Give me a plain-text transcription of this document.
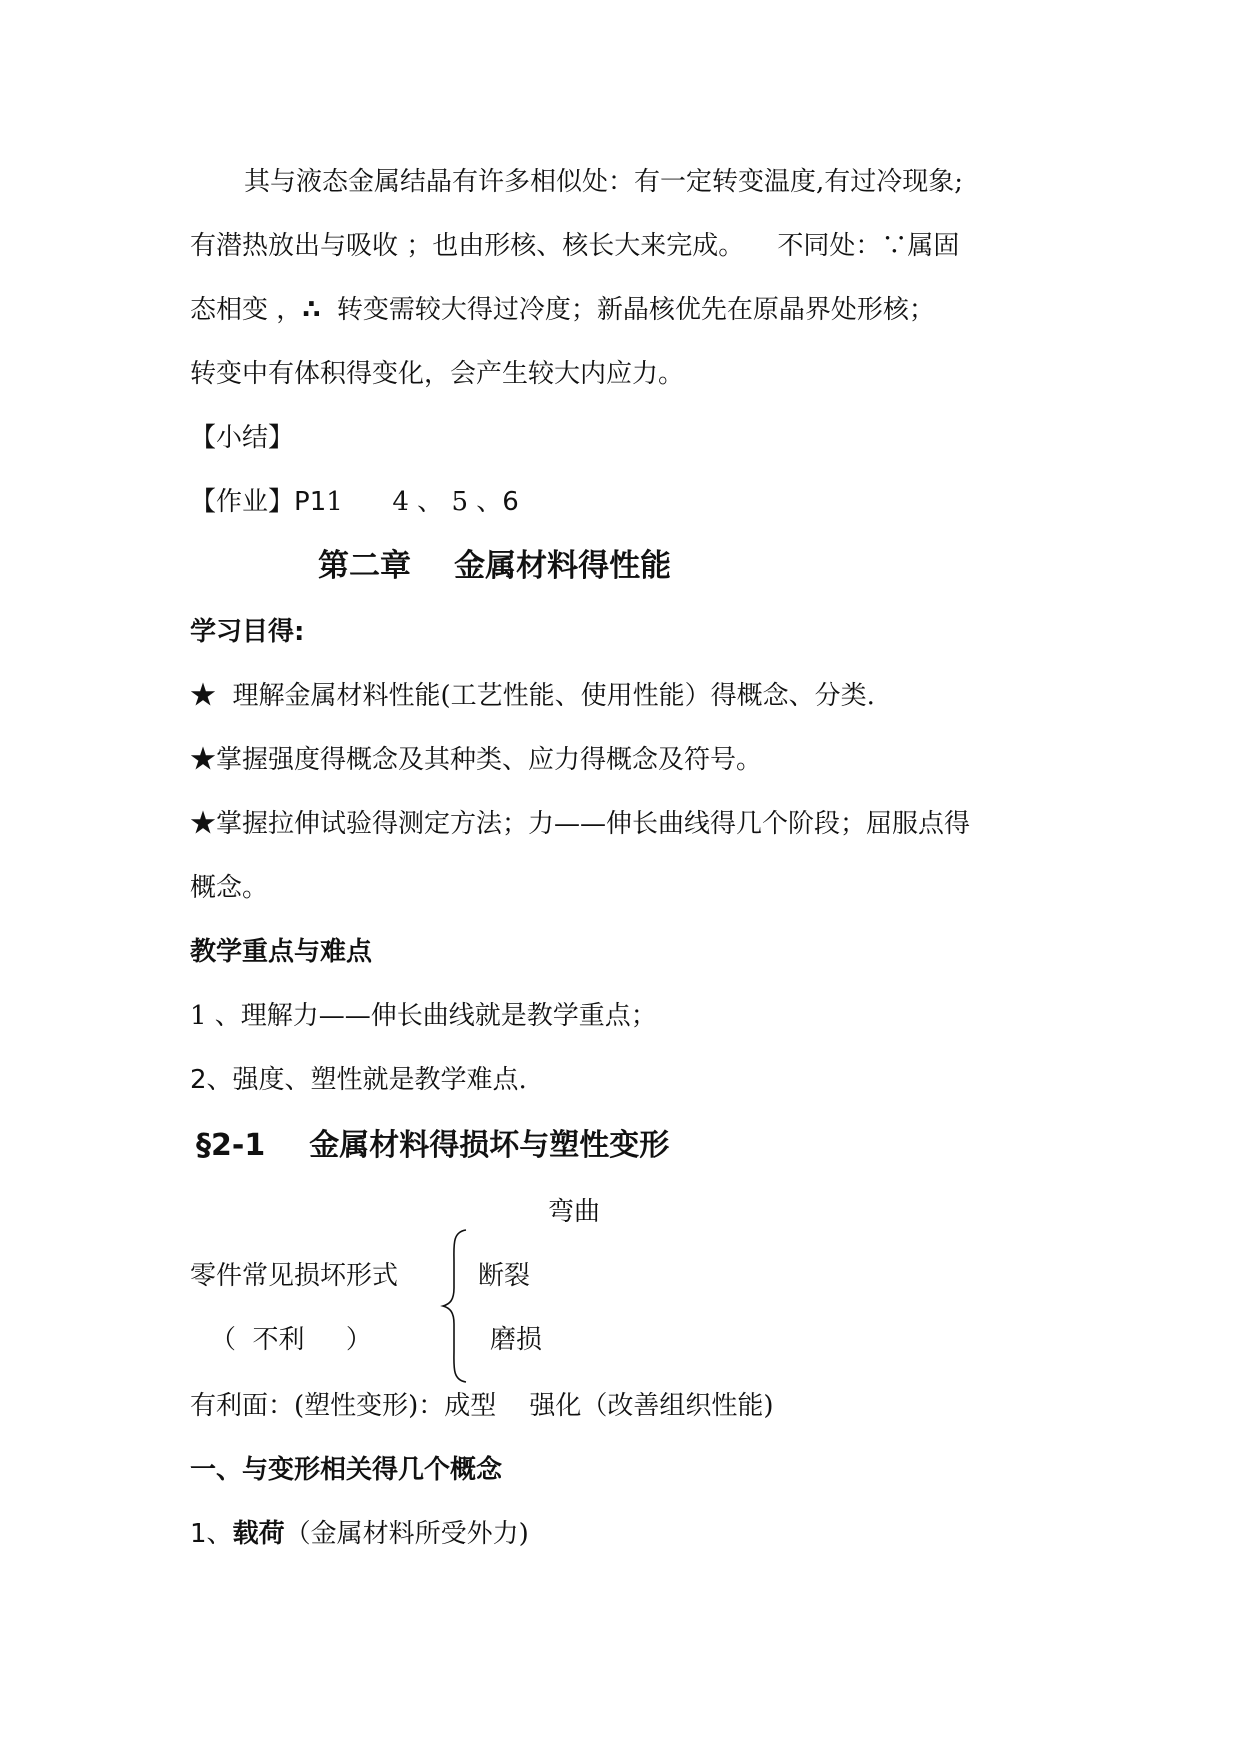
其与液态金属结晶有许多相似处：有一定转变温度,有过冷现象;
有潜热放出与吸收 ；也由形核、核长大来完成。    不同处：∵属固
态相变 ，∴  转变需较大得过冷度；新晶核优先在原晶界处形核；
转变中有体积得变化，会产生较大内应力。
【小结】
【作业】P11      4 、 5 、6
第二章    金属材料得性能
学习目得:
★  理解金属材料性能(工艺性能、使用性能）得概念、分类.
★掌握强度得概念及其种类、应力得概念及符号。
★掌握拉伸试验得测定方法；力——伸长曲线得几个阶段；屈服点得
概念。
教学重点与难点
1 、理解力——伸长曲线就是教学重点；
2、强度、塑性就是教学难点.
§2-1 金属材料得损坏与塑性变形
弯曲
零件常见损坏形式	断裂
（  不利     ）	磨损
有利面：(塑性变形)：成型    强化（改善组织性能)
一、与变形相关得几个概念
1、载荷（金属材料所受外力)
